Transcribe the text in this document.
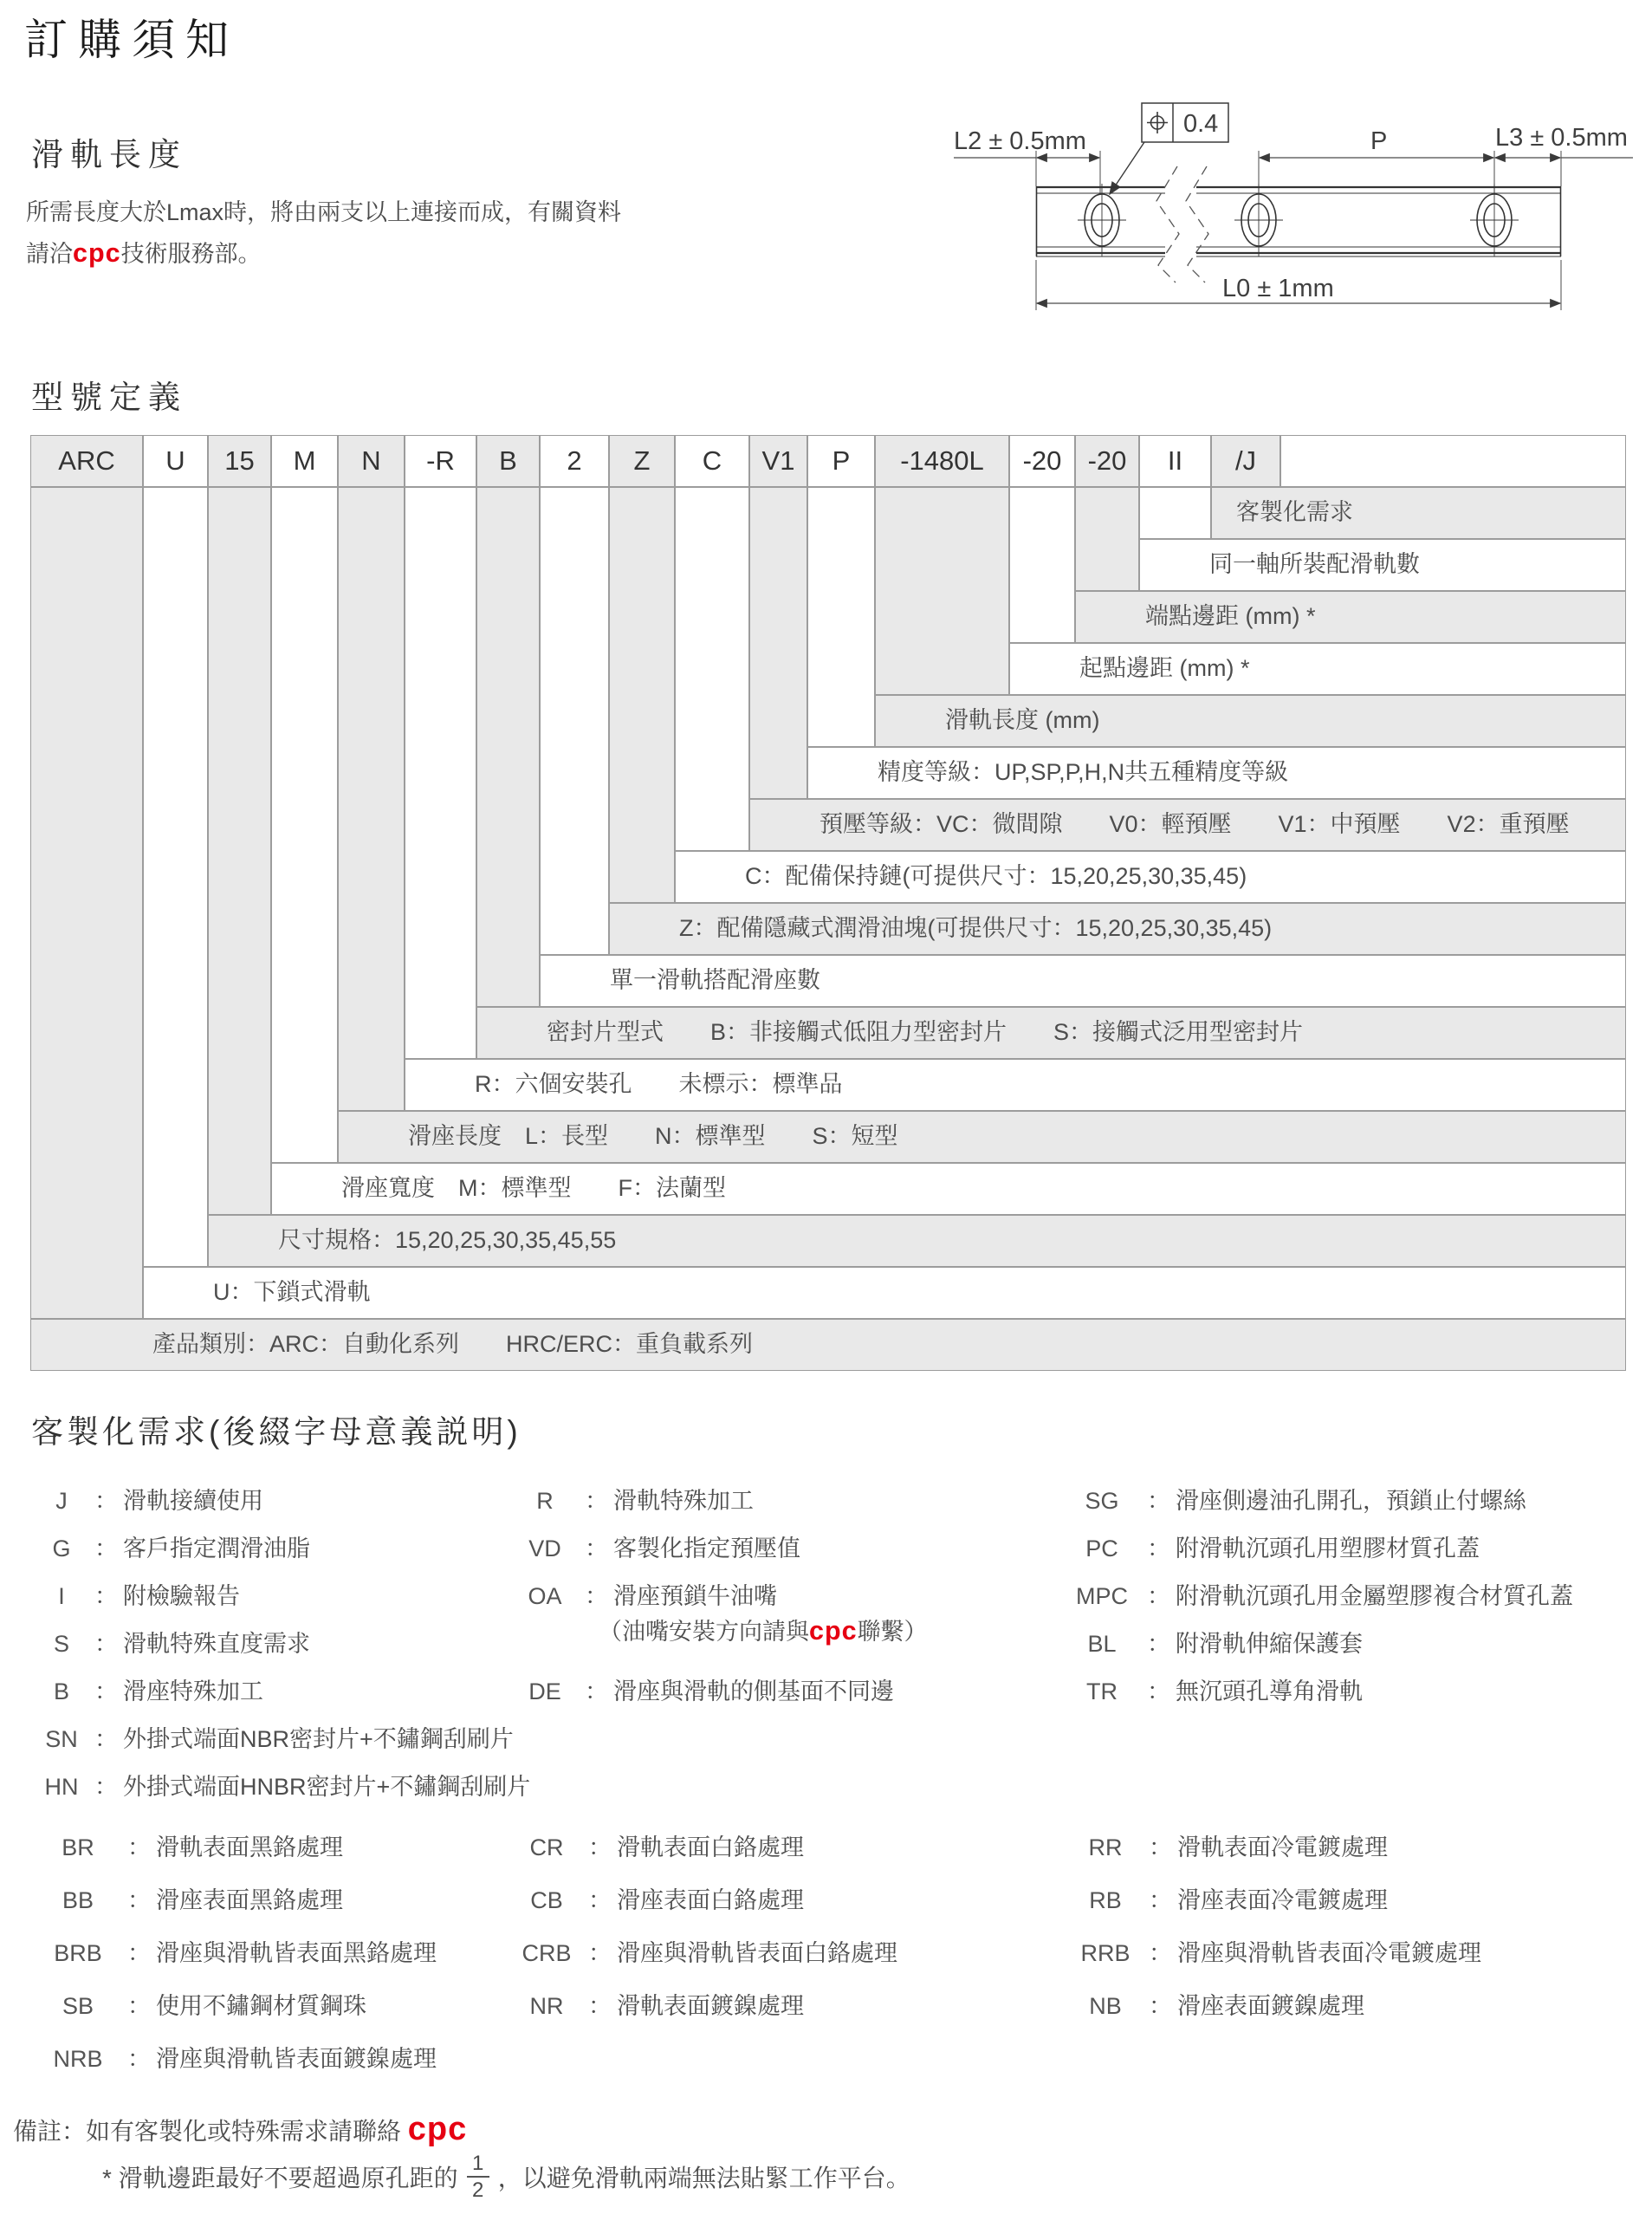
訂購須知
滑軌長度
所需長度大於Lmax時，將由兩支以上連接而成，有關資料
請洽cpc技術服務部。
L2 ± 0.5mm	P	L3 ± 0.5mm
L0 ± 1mm
0.4
型號定義
ARC
產品類別：ARC：自動化系列　　HRC/ERC：重負載系列
U
U：下鎖式滑軌
15
尺寸規格：15,20,25,30,35,45,55
M
滑座寬度　M：標準型　　F：法蘭型
N
滑座長度　L：長型　　N：標準型　　S：短型
-R
R：六個安裝孔　　未標示：標準品
B
密封片型式　　B：非接觸式低阻力型密封片　　S：接觸式泛用型密封片
2
單一滑軌搭配滑座數
Z
Z：配備隱藏式潤滑油塊(可提供尺寸：15,20,25,30,35,45)
C
C：配備保持鏈(可提供尺寸：15,20,25,30,35,45)
V1
預壓等級：VC：微間隙　　V0：輕預壓　　V1：中預壓　　V2：重預壓
P
精度等級：UP,SP,P,H,N共五種精度等級
-1480L
滑軌長度 (mm)
-20
起點邊距 (mm) *
-20
端點邊距 (mm) *
II
同一軸所裝配滑軌數
/J
客製化需求
客製化需求(後綴字母意義説明)
J ： 滑軌接續使用
G ： 客戶指定潤滑油脂
I ： 附檢驗報告
S ： 滑軌特殊直度需求
B ： 滑座特殊加工
SN ： 外掛式端面NBR密封片+不鏽鋼刮刷片
HN ： 外掛式端面HNBR密封片+不鏽鋼刮刷片
R ： 滑軌特殊加工
VD ： 客製化指定預壓值
OA ： 滑座預鎖牛油嘴
（油嘴安裝方向請與cpc聯繫）
DE ： 滑座與滑軌的側基面不同邊
SG ： 滑座側邊油孔開孔，預鎖止付螺絲
PC ： 附滑軌沉頭孔用塑膠材質孔蓋
MPC ： 附滑軌沉頭孔用金屬塑膠複合材質孔蓋
BL ： 附滑軌伸縮保護套
TR ： 無沉頭孔導角滑軌
BR ： 滑軌表面黑鉻處理
BB ： 滑座表面黑鉻處理
BRB ： 滑座與滑軌皆表面黑鉻處理
SB ： 使用不鏽鋼材質鋼珠
NRB ： 滑座與滑軌皆表面鍍鎳處理
CR ： 滑軌表面白鉻處理
CB ： 滑座表面白鉻處理
CRB ： 滑座與滑軌皆表面白鉻處理
NR ： 滑軌表面鍍鎳處理
RR ： 滑軌表面冷電鍍處理
RB ： 滑座表面冷電鍍處理
RRB ： 滑座與滑軌皆表面冷電鍍處理
NB ： 滑座表面鍍鎳處理
備註：如有客製化或特殊需求請聯絡 cpc
* 滑軌邊距最好不要超過原孔距的 $\frac{1}{2}$ ，以避免滑軌兩端無法貼緊工作平台。
